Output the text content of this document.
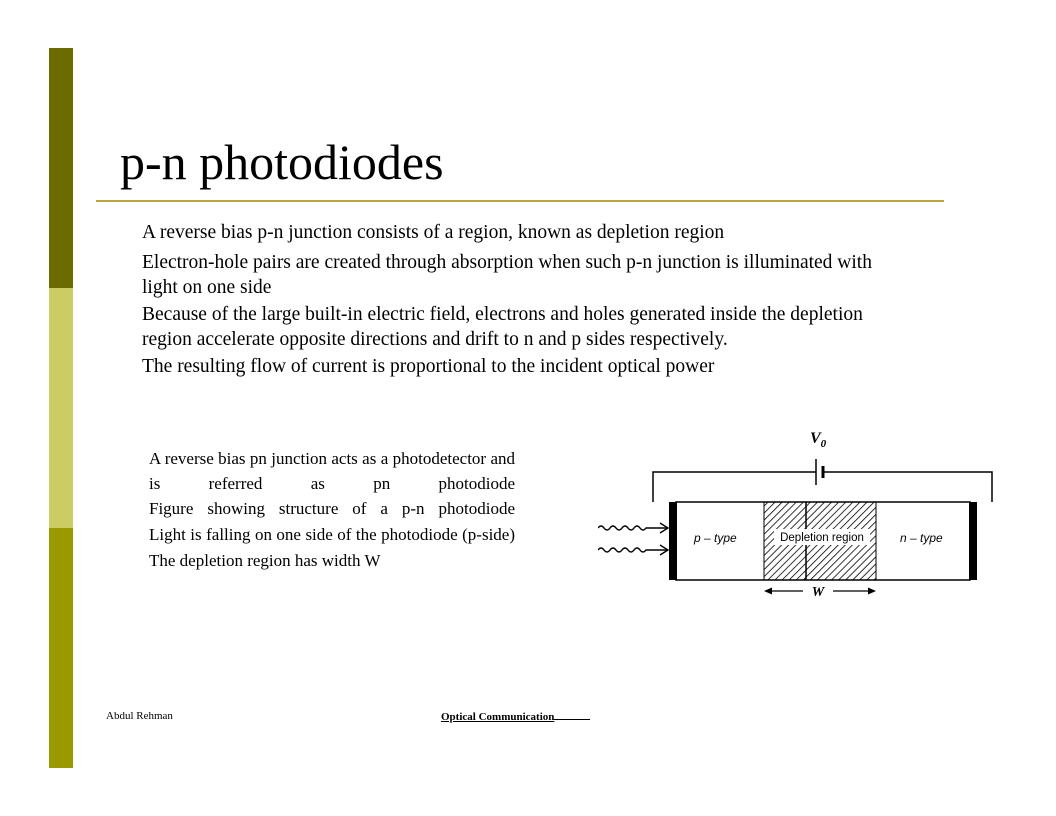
p-n photodiodes
A reverse bias p-n junction consists of a region, known as depletion region
Electron-hole pairs are created through absorption when such p-n junction is illuminated with light on one side
Because of the large built-in electric field, electrons and holes generated inside the depletion region accelerate opposite directions and drift to n and p sides respectively.
The resulting flow of current is proportional to the incident optical power
A reverse bias pn junction acts as a photodetector and is referred as pn photodiode
Figure showing structure of a p-n photodiode
Light is falling on one side of the photodiode (p-side)
The depletion region has width W
$V_0$
p – type	Depletion region	n – type
W
Abdul Rehman	Optical Communication
